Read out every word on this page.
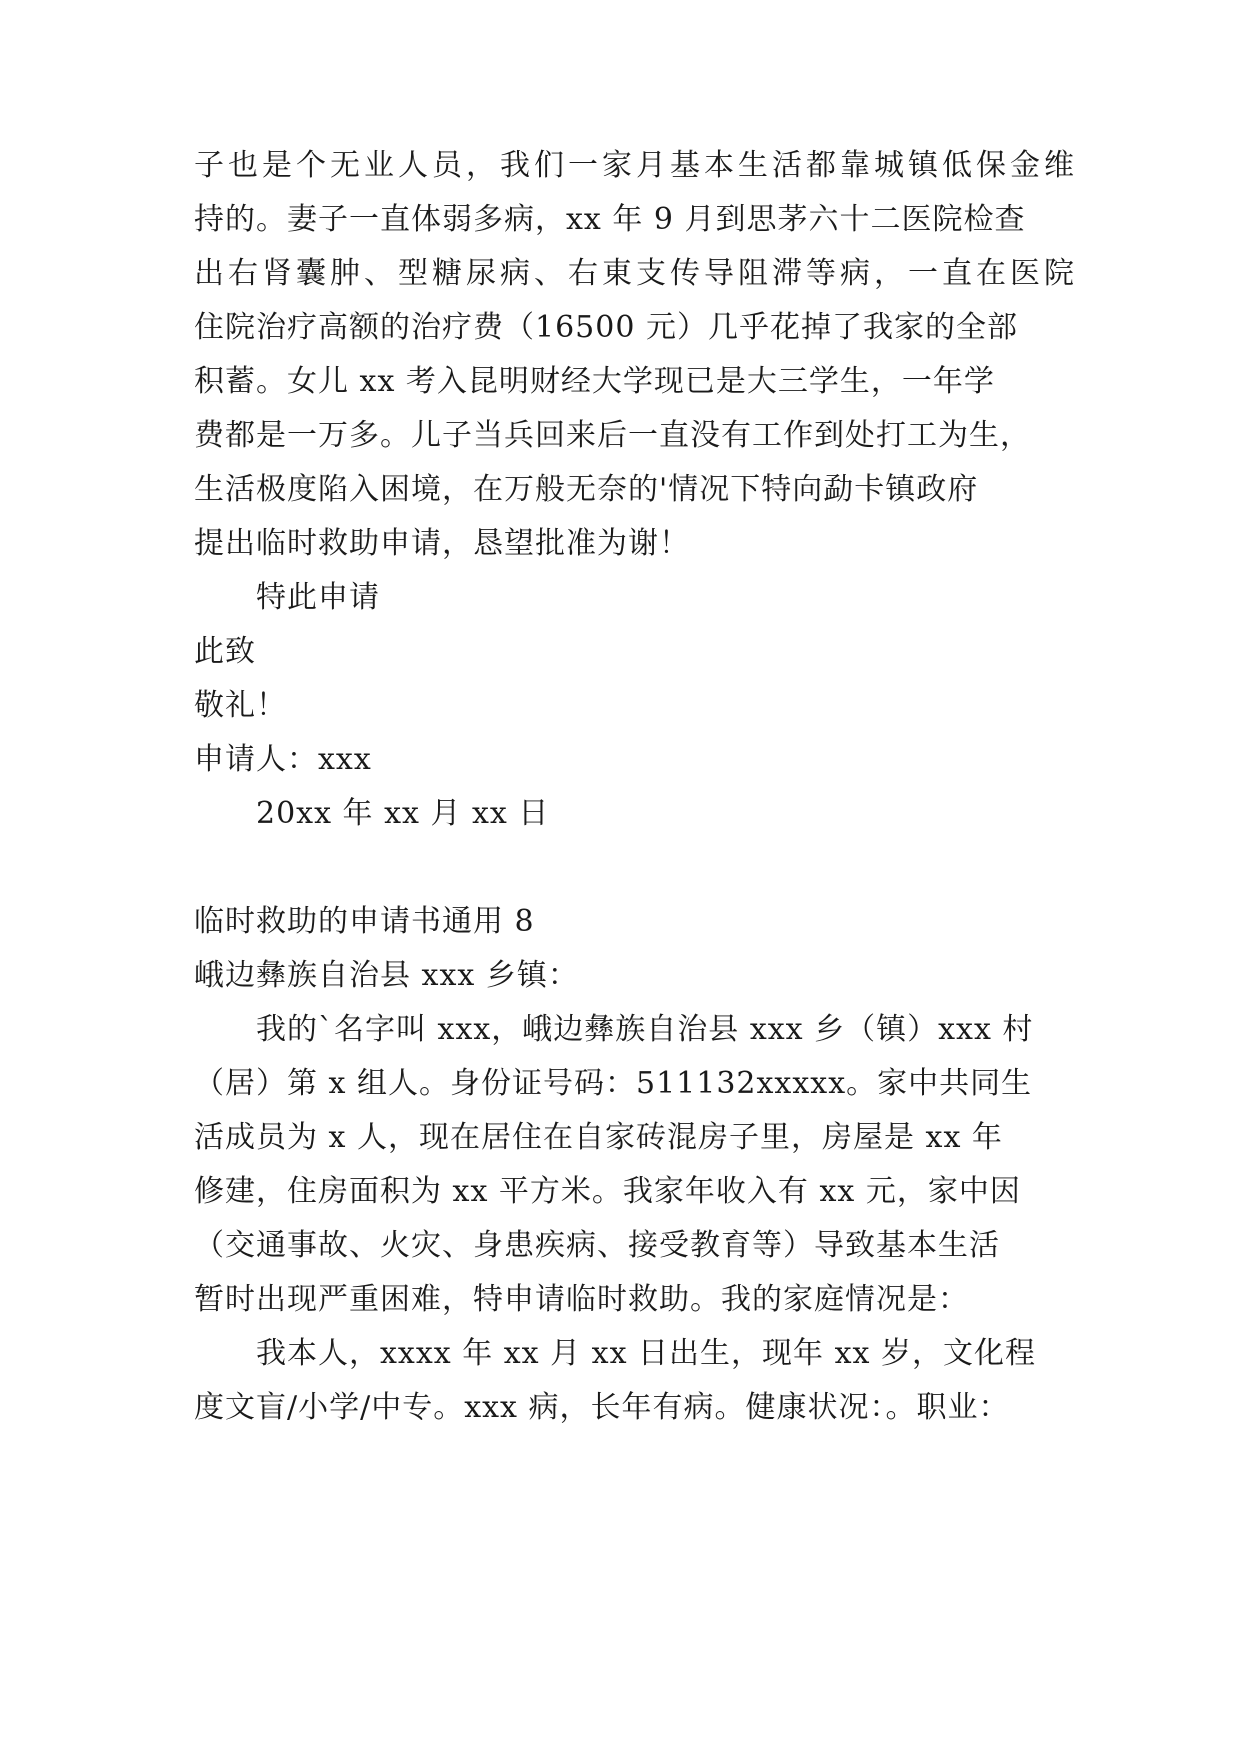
子也是个无业人员，我们一家月基本生活都靠城镇低保金维
持的。妻子一直体弱多病，xx 年 9 月到思茅六十二医院检查
出右肾囊肿、型糖尿病、右東支传导阻滞等病，一直在医院
住院治疗高额的治疗费（16500 元）几乎花掉了我家的全部
积蓄。女儿 xx 考入昆明财经大学现已是大三学生，一年学
费都是一万多。儿子当兵回来后一直没有工作到处打工为生，
生活极度陷入困境，在万般无奈的'情况下特向勐卡镇政府
提出临时救助申请，恳望批准为谢！
特此申请
此致
敬礼！
申请人：xxx
20xx 年 xx 月 xx 日
临时救助的申请书通用 8
峨边彝族自治县 xxx 乡镇：
我的`名字叫 xxx，峨边彝族自治县 xxx 乡（镇）xxx 村
（居）第 x 组人。身份证号码：511132xxxxx。家中共同生
活成员为 x 人，现在居住在自家砖混房子里，房屋是 xx 年
修建，住房面积为 xx 平方米。我家年收入有 xx 元，家中因
（交通事故、火灾、身患疾病、接受教育等）导致基本生活
暂时出现严重困难，特申请临时救助。我的家庭情况是：
我本人，xxxx 年 xx 月 xx 日出生，现年 xx 岁，文化程
度文盲/小学/中专。xxx 病，长年有病。健康状况：。职业：
